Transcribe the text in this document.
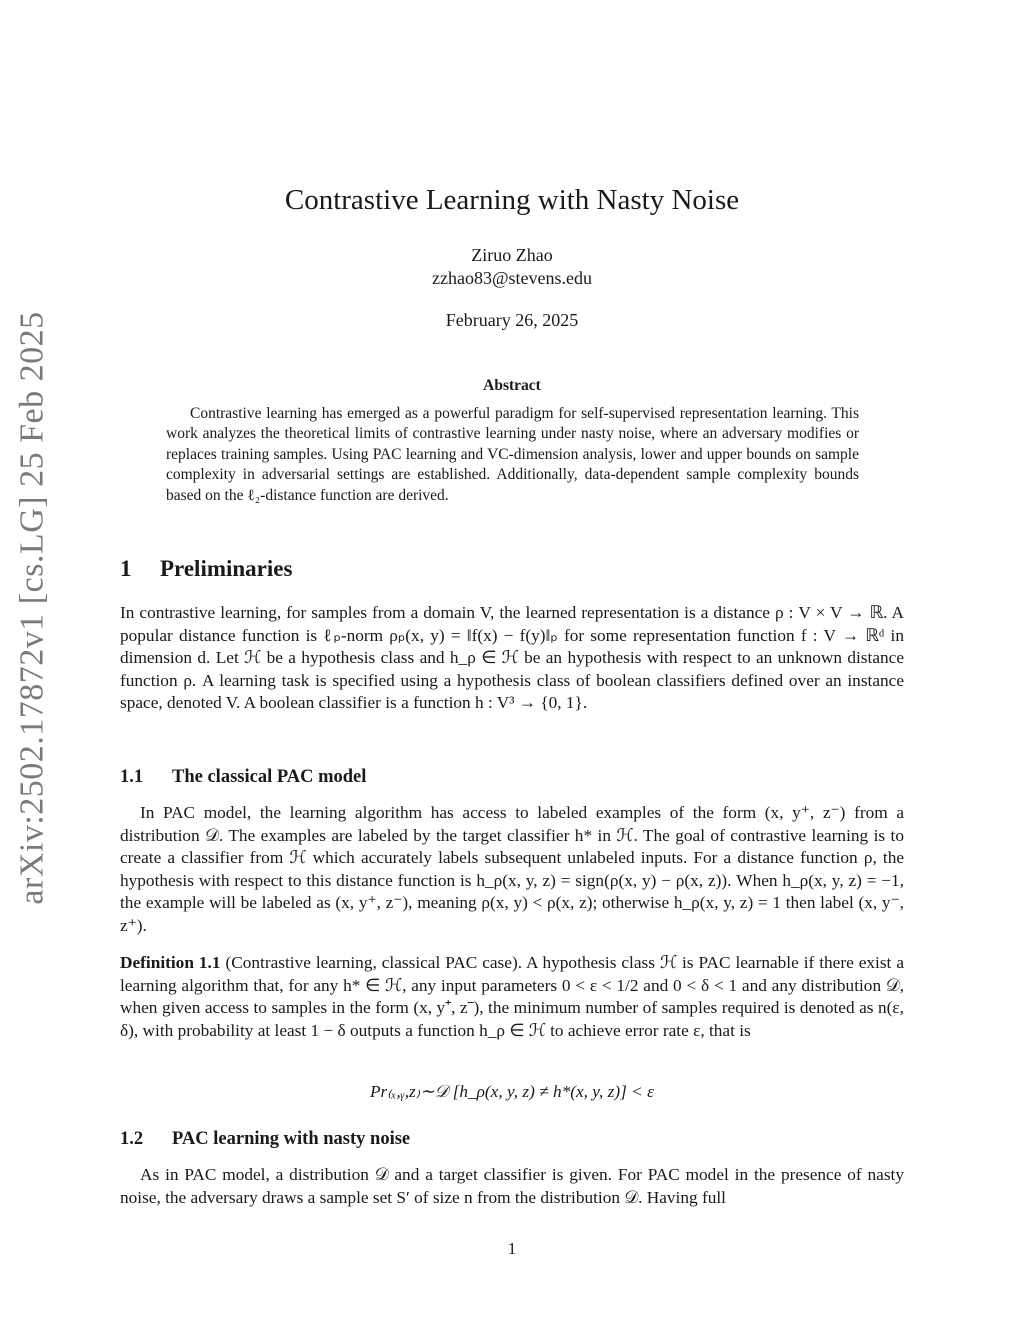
arXiv:2502.17872v1 [cs.LG] 25 Feb 2025
Contrastive Learning with Nasty Noise
Ziruo Zhao
zzhao83@stevens.edu
February 26, 2025
Abstract
Contrastive learning has emerged as a powerful paradigm for self-supervised representation learning. This work analyzes the theoretical limits of contrastive learning under nasty noise, where an adversary modifies or replaces training samples. Using PAC learning and VC-dimension analysis, lower and upper bounds on sample complexity in adversarial settings are established. Additionally, data-dependent sample complexity bounds based on the ℓ₂-distance function are derived.
1 Preliminaries
In contrastive learning, for samples from a domain V, the learned representation is a distance ρ : V × V → ℝ. A popular distance function is ℓₚ-norm ρₚ(x, y) = ‖f(x) − f(y)‖ₚ for some representation function f : V → ℝᵈ in dimension d. Let ℋ be a hypothesis class and h_ρ ∈ ℋ be an hypothesis with respect to an unknown distance function ρ. A learning task is specified using a hypothesis class of boolean classifiers defined over an instance space, denoted V. A boolean classifier is a function h : V³ → {0, 1}.
1.1 The classical PAC model
In PAC model, the learning algorithm has access to labeled examples of the form (x, y⁺, z⁻) from a distribution 𝒟. The examples are labeled by the target classifier h* in ℋ. The goal of contrastive learning is to create a classifier from ℋ which accurately labels subsequent unlabeled inputs. For a distance function ρ, the hypothesis with respect to this distance function is h_ρ(x, y, z) = sign(ρ(x, y) − ρ(x, z)). When h_ρ(x, y, z) = −1, the example will be labeled as (x, y⁺, z⁻), meaning ρ(x, y) < ρ(x, z); otherwise h_ρ(x, y, z) = 1 then label (x, y⁻, z⁺).
Definition 1.1 (Contrastive learning, classical PAC case). A hypothesis class ℋ is PAC learnable if there exist a learning algorithm that, for any h* ∈ ℋ, any input parameters 0 < ε < 1/2 and 0 < δ < 1 and any distribution 𝒟, when given access to samples in the form (x, y⁺, z⁻), the minimum number of samples required is denoted as n(ε, δ), with probability at least 1 − δ outputs a function h_ρ ∈ ℋ to achieve error rate ε, that is
Pr₍ₓ,ᵧ,z₎∼𝒟 [h_ρ(x, y, z) ≠ h*(x, y, z)] < ε
1.2 PAC learning with nasty noise
As in PAC model, a distribution 𝒟 and a target classifier is given. For PAC model in the presence of nasty noise, the adversary draws a sample set S′ of size n from the distribution 𝒟. Having full
1
